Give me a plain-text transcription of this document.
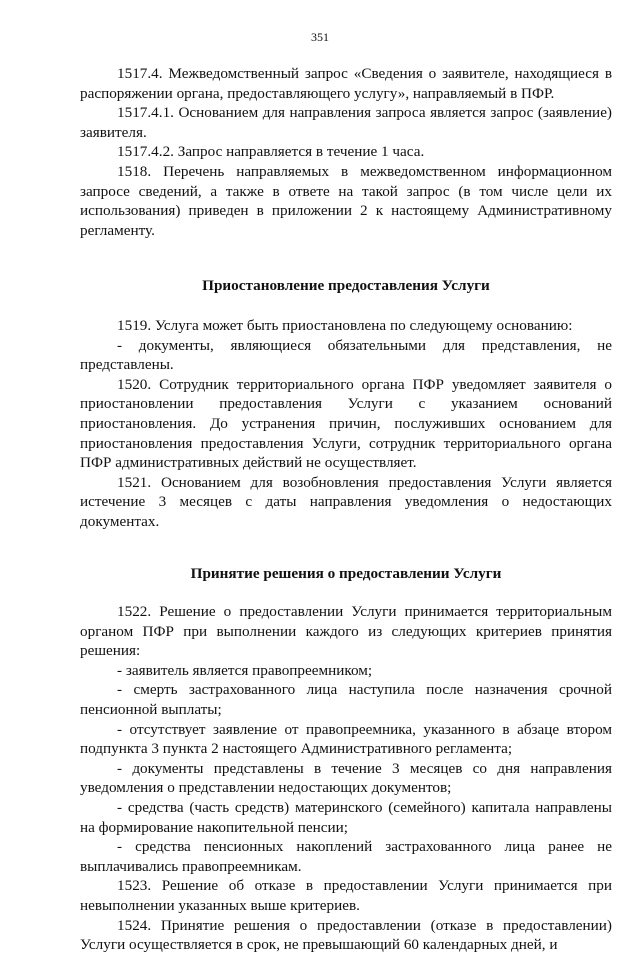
351

1517.4. Межведомственный запрос «Сведения о заявителе, находящиеся в распоряжении органа, предоставляющего услугу», направляемый в ПФР.

1517.4.1. Основанием для направления запроса является запрос (заявление) заявителя.

1517.4.2. Запрос направляется в течение 1 часа.

1518. Перечень направляемых в межведомственном информационном запросе сведений, а также в ответе на такой запрос (в том числе цели их использования) приведен в приложении 2 к настоящему Административному регламенту.

Приостановление предоставления Услуги

1519. Услуга может быть приостановлена по следующему основанию:

- документы, являющиеся обязательными для представления, не представлены.

1520. Сотрудник территориального органа ПФР уведомляет заявителя о приостановлении предоставления Услуги с указанием оснований приостановления. До устранения причин, послуживших основанием для приостановления предоставления Услуги, сотрудник территориального органа ПФР административных действий не осуществляет.

1521. Основанием для возобновления предоставления Услуги является истечение 3 месяцев с даты направления уведомления о недостающих документах.

Принятие решения о предоставлении Услуги

1522. Решение о предоставлении Услуги принимается территориальным органом ПФР при выполнении каждого из следующих критериев принятия решения:

- заявитель является правопреемником;

- смерть застрахованного лица наступила после назначения срочной пенсионной выплаты;

- отсутствует заявление от правопреемника, указанного в абзаце втором подпункта 3 пункта 2 настоящего Административного регламента;

- документы представлены в течение 3 месяцев со дня направления уведомления о представлении недостающих документов;

- средства (часть средств) материнского (семейного) капитала направлены на формирование накопительной пенсии;

- средства пенсионных накоплений застрахованного лица ранее не выплачивались правопреемникам.

1523. Решение об отказе в предоставлении Услуги принимается при невыполнении указанных выше критериев.

1524. Принятие решения о предоставлении (отказе в предоставлении) Услуги осуществляется в срок, не превышающий 60 календарных дней, и
